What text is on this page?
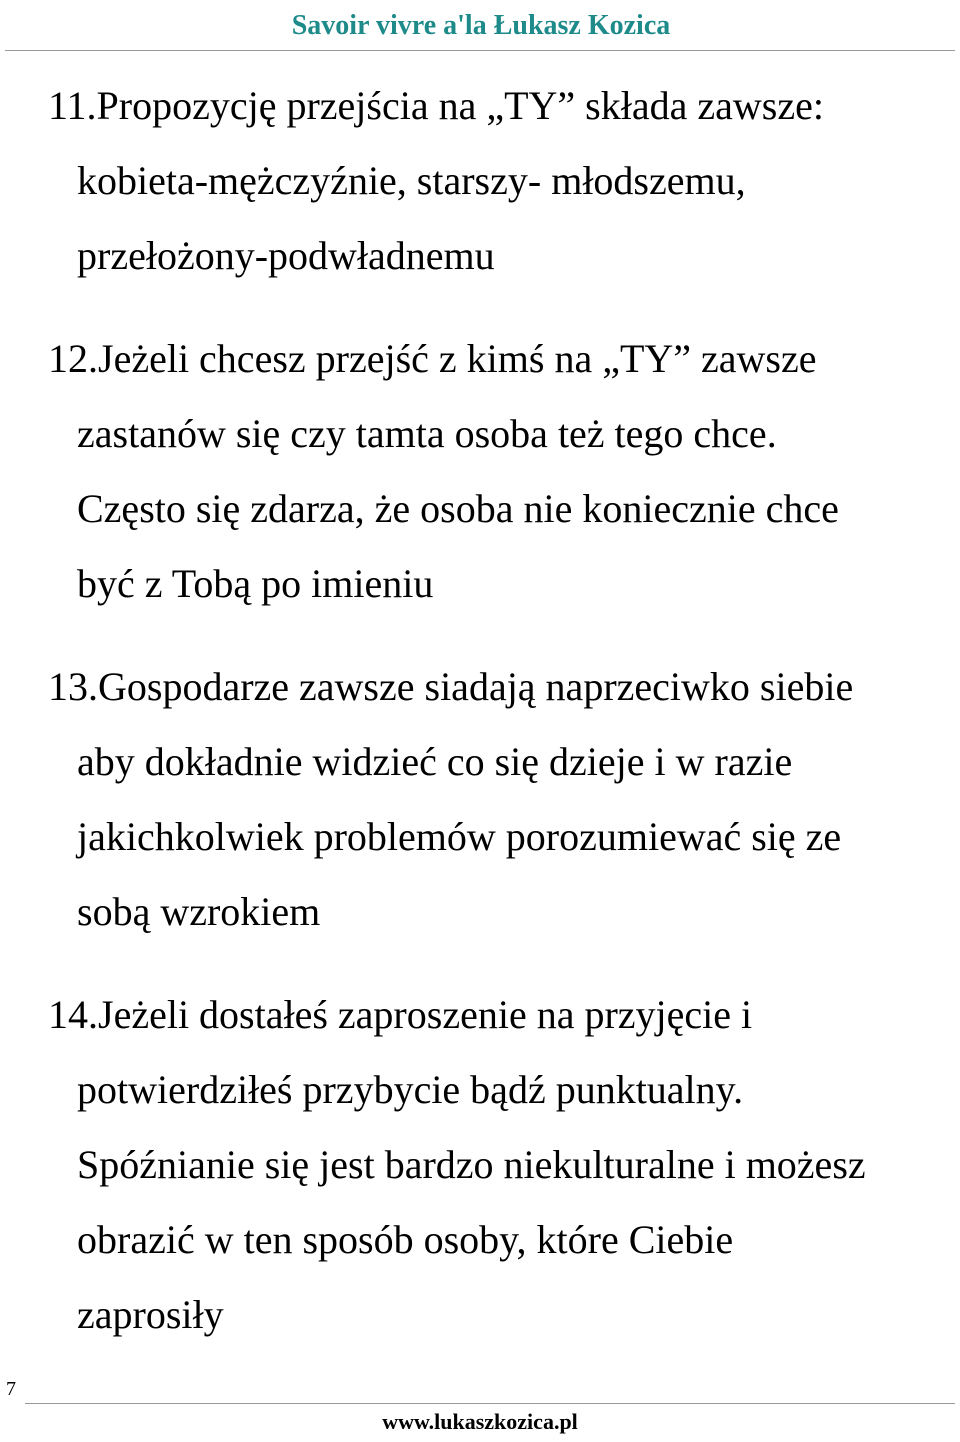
Savoir vivre a'la Łukasz Kozica
11.Propozycję przejścia na „TY” składa zawsze:
kobieta-mężczyźnie, starszy- młodszemu,
przełożony-podwładnemu
12.Jeżeli chcesz przejść z kimś na „TY” zawsze
zastanów się czy tamta osoba też tego chce.
Często się zdarza, że osoba nie koniecznie chce
być z Tobą po imieniu
13.Gospodarze zawsze siadają naprzeciwko siebie
aby dokładnie widzieć co się dzieje i w razie
jakichkolwiek problemów porozumiewać się ze
sobą wzrokiem
14.Jeżeli dostałeś zaproszenie na przyjęcie i
potwierdziłeś przybycie bądź punktualny.
Spóźnianie się jest bardzo niekulturalne i możesz
obrazić w ten sposób osoby, które Ciebie
zaprosiły
7
www.lukaszkozica.pl
